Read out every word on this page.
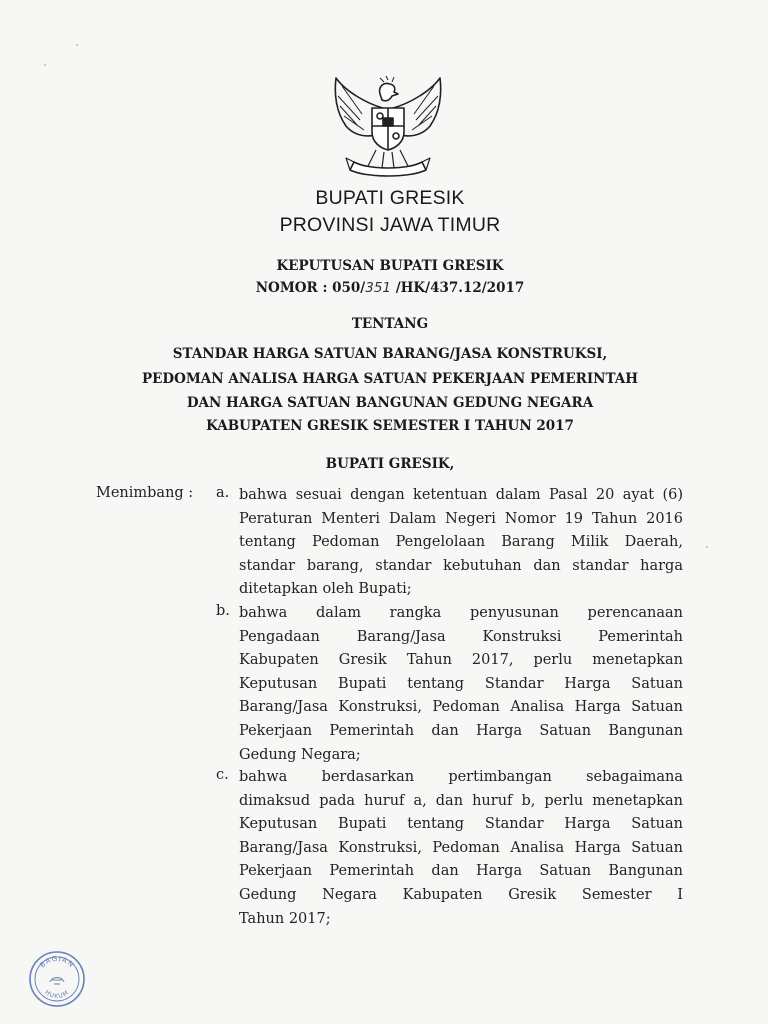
BUPATI GRESIK
PROVINSI JAWA TIMUR
KEPUTUSAN BUPATI GRESIK
NOMOR : 050/351 /HK/437.12/2017
TENTANG
STANDAR HARGA SATUAN BARANG/JASA KONSTRUKSI,
PEDOMAN ANALISA HARGA SATUAN PEKERJAAN PEMERINTAH
DAN HARGA SATUAN BANGUNAN GEDUNG NEGARA
KABUPATEN GRESIK SEMESTER I TAHUN 2017
BUPATI GRESIK,
Menimbang : a. bahwa sesuai dengan ketentuan dalam Pasal 20 ayat (6)
Peraturan Menteri Dalam Negeri Nomor 19 Tahun 2016
tentang Pedoman Pengelolaan Barang Milik Daerah,
standar barang, standar kebutuhan dan standar harga
ditetapkan oleh Bupati;
b. bahwa dalam rangka penyusunan perencanaan
Pengadaan Barang/Jasa Konstruksi Pemerintah
Kabupaten Gresik Tahun 2017, perlu menetapkan
Keputusan Bupati tentang Standar Harga Satuan
Barang/Jasa Konstruksi, Pedoman Analisa Harga Satuan
Pekerjaan Pemerintah dan Harga Satuan Bangunan
Gedung Negara;
c. bahwa berdasarkan pertimbangan sebagaimana
dimaksud pada huruf a, dan huruf b, perlu menetapkan
Keputusan Bupati tentang Standar Harga Satuan
Barang/Jasa Konstruksi, Pedoman Analisa Harga Satuan
Pekerjaan Pemerintah dan Harga Satuan Bangunan
Gedung Negara Kabupaten Gresik Semester I
Tahun 2017;
BAGIAN
HUKUM
